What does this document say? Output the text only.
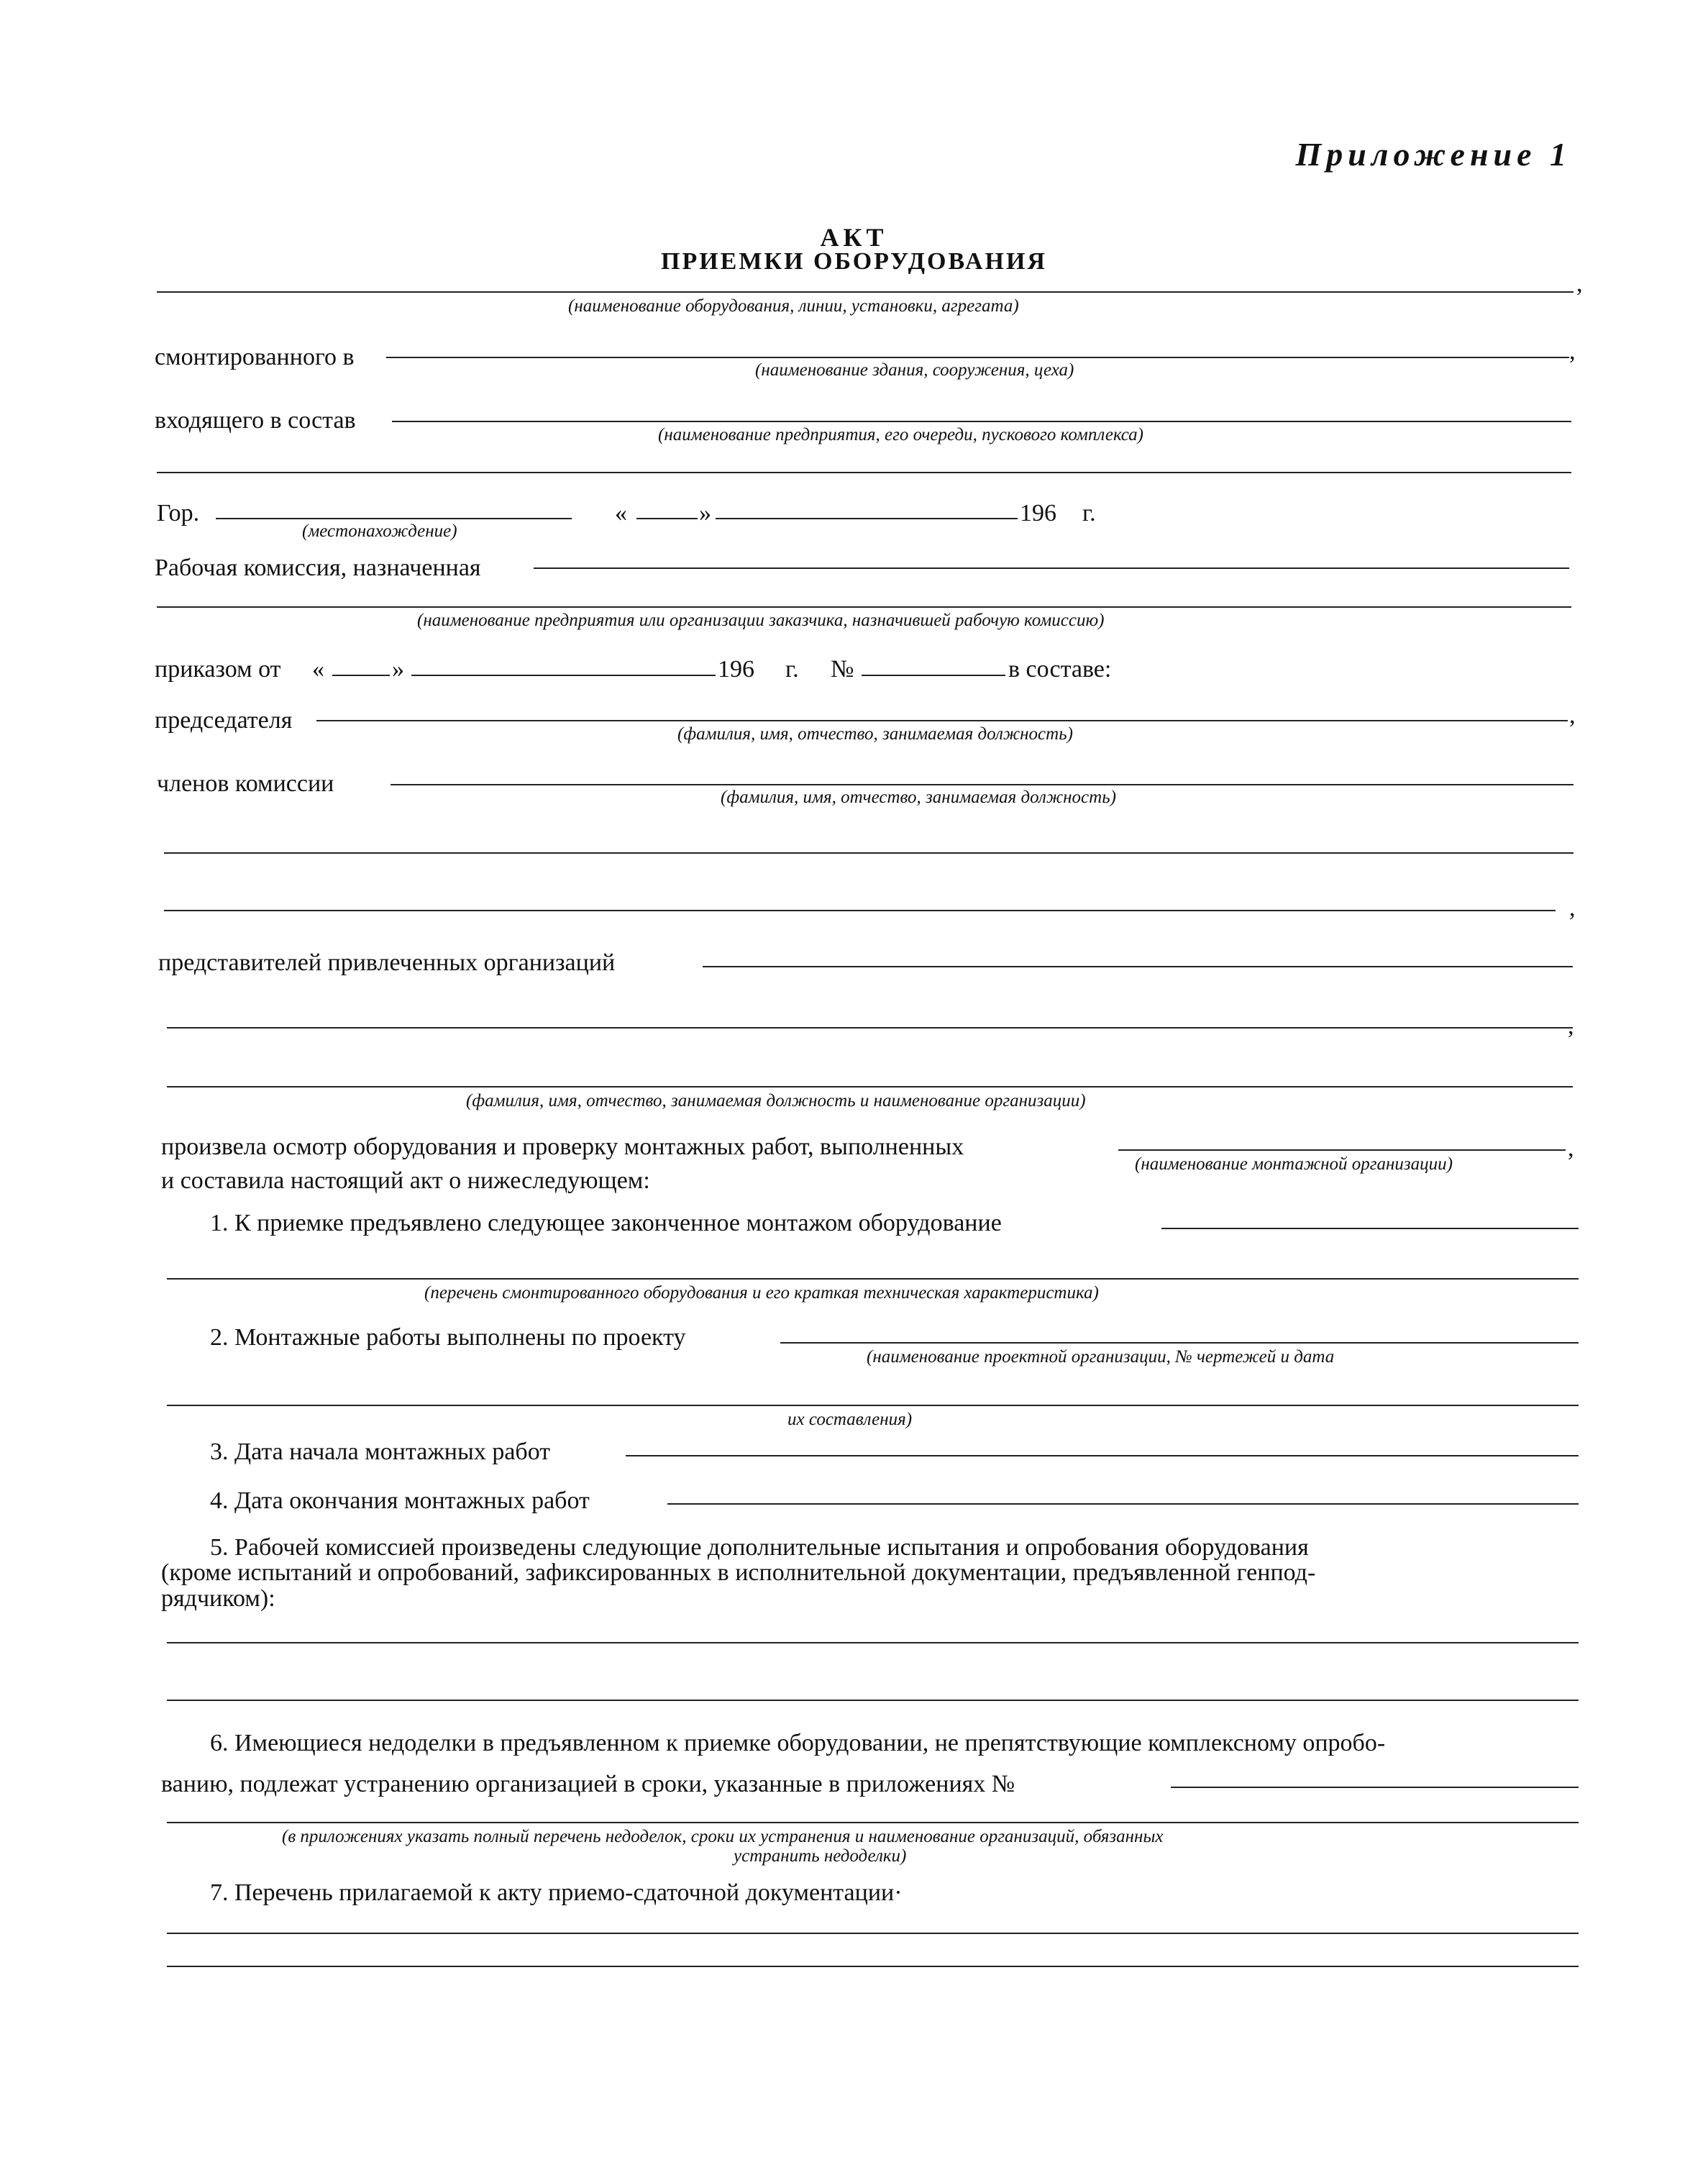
Приложение 1
АКТ
ПРИЕМКИ ОБОРУДОВАНИЯ
,
(наименование оборудования, линии, установки, агрегата)
смонтированного в	,
(наименование здания, сооружения, цеха)
входящего в состав
(наименование предприятия, его очереди, пускового комплекса)
Гор.
(местонахождение)
«	»	196 г.
Рабочая комиссия, назначенная
(наименование предприятия или организации заказчика, назначившей рабочую комиссию)
приказом от «	»	196 г. №	в составе:
председателя	,
(фамилия, имя, отчество, занимаемая должность)
членов комиссии
(фамилия, имя, отчество, занимаемая должность)
,
представителей привлеченных организаций
,
(фамилия, имя, отчество, занимаемая должность и наименование организации)
произвела осмотр оборудования и проверку монтажных работ, выполненных	,
(наименование монтажной организации)
и составила настоящий акт о нижеследующем:
1. К приемке предъявлено следующее законченное монтажом оборудование
(перечень смонтированного оборудования и его краткая техническая характеристика)
2. Монтажные работы выполнены по проекту
(наименование проектной организации, № чертежей и дата
их составления)
3. Дата начала монтажных работ
4. Дата окончания монтажных работ
5. Рабочей комиссией произведены следующие дополнительные испытания и опробования оборудования
(кроме испытаний и опробований, зафиксированных в исполнительной документации, предъявленной генпод-
рядчиком):
6. Имеющиеся недоделки в предъявленном к приемке оборудовании, не препятствующие комплексному опробо-
ванию, подлежат устранению организацией в сроки, указанные в приложениях №
(в приложениях указать полный перечень недоделок, сроки их устранения и наименование организаций, обязанных
устранить недоделки)
7. Перечень прилагаемой к акту приемо-сдаточной документации·
